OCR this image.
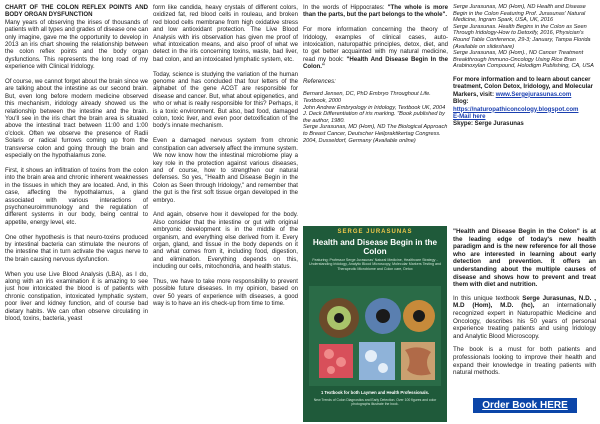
CHART OF THE COLON REFLEX POINTS AND BODY ORGAN DYSFUNCTION

Many years of observing the irises of thousands of patients with all types and grades of disease one can only imagine, gave me the opportunity to develop in 2013 an iris chart showing the relationship between the colon reflex points and the body organ dysfunctions. This represents the long road of my experience with Clinical Iridology.

Of course, we cannot forget about the brain since we are talking about the intestine as our second brain. But, even long before modern medicine observed this mechanism, iridology already showed us the relationship between the intestine and the brain. You'll see in the iris chart the brain area is situated above the intestinal tract between 11:00 and 1:00 o'clock. Often we observe the presence of Radii Solaris or radical furrows coming up from the transverse colon and going through the brain and especially on the hypothalamus zone.

First, it shows an infiltration of toxins from the colon into the brain area and chronic inherent weaknesses in the tissues in which they are located. And, in this case, affecting the hypothalamus, a gland associated with various interactions of psychoneuroimmunology and the regulation of different systems in our body, being central to appetite, energy level, etc.

One other hypothesis is that neuro-toxins produced by intestinal bacteria can stimulate the neurons of the intestine that in turn activate the vagus nerve to the brain causing nervous dysfunction.

When you use Live Blood Analysis (LBA), as I do, along with an iris examination it is amazing to see just how intoxicated the blood is of patients with chronic constipation, intoxicated lymphatic system, poor liver and kidney function, and of course bad dietary habits. We can often observe circulating in blood, toxins, bacteria, yeast

form like candida, heavy crystals of different colors, oxidized fat, red blood cells in rouleau, and broken red blood cells membrane from high oxidative stress and low antioxidant protection. The Live Blood Analysis with iris observation has given me proof of what intoxication means, and also proof of what we detect in the iris concerning toxins, waste, bad liver, bad colon, and an intoxicated lymphatic system, etc.

Today, science is studying the variation of the human genome and has concluded that four letters of the alphabet of the gene ACGT are responsible for disease and cancer. But, what about epigenetics, and who or what is really responsible for this? Perhaps, it is a toxic environment. But also, bad food, damaged colon, toxic liver, and even poor detoxification of the body's innate mechanism.

Even a damaged nervous system from chronic constipation can adversely affect the immune system. We now know how the intestinal microbiome play a key role in the protection against various diseases, and of course, how to strengthen our natural defenses. So yes, "Health and Disease Begin in the Colon as Seen through Iridology," and remember that the gut is the first soft tissue organ developed in the embryo.

And again, observe how it developed for the body. Also consider that the intestine or gut with original embryonic development is in the middle of the organism, and everything else derived from it. Every organ, gland, and tissue in the body depends on it and what comes from it, including food, digestion, and elimination. Everything depends on this, including our cells, mitochondria, and health status.

Thus, we have to take more responsibility to prevent possible future diseases. In my opinion, based on over 50 years of experience with diseases, a good way is to have an iris check-up from time to time.

In the words of Hippocrates: "The whole is more than the parts, but the part belongs to the whole".

For more information concerning the theory of Iridology, examples of clinical cases, auto-intoxication, naturopathic principles, detox, diet, and to get better acquainted with my natural medicine, read my book: "Health And Disease Begin In the Colon."

References:

Bernard Jensen, DC, PhD Embryo Throughout Life. Textbook, 2000

John Andrew Embryology in Iridology, Textbook UK, 2004

J. Deck Differentiation of iris marking. "Book published by the author, 1980.

Serge Jurasunas, MD (Hom), ND The Biological Approach to Breast Cancer, Deutscher Heilpraktikertag Congress. 2004, Dusseldorf, Germany (Available online)

Serge Jurasunas, MD (Hom), ND Health and Disease Begin in the Colon Featuring Prof. Jurasunas' Natural Medicine, Ingram Spark, USA, UK, 2016

Serge Jurasunas. Health Begins in the Colon as Seen Through Iridology-How to Detoxify, 2016, Physician's Round Table Conference, 29-3; January, Tampa Florida (Available on slideshare)

Serge Jurasunas, MD (Hom)., ND Cancer Treatment Breakthrough Immuno-Oncology Using Rice Bran Arabinoxylan Compound, Holodigm Publishing, CA, USA

For more information and to learn about cancer treatment, Colon Detox, Iridology, and Molecular Markers, visit: www.Sergejurasunas.com

Blog:

https://naturopathiconcology.blogspot.com

E-Mail here

Skype: Serge Jurasunas

SERGE JURASUNAS
Health and Disease Begin in the Colon
Featuring: Professor Serge Jurasunas' Natural Medicine, Healthcare Strategy - Understanding Iridology, Analytic Blood Microscopy, Molecular Markers Testing and Therapeutic Microbiome and Colon care, Detox
1 Textbook for both Laymen and Health Professionals.
New Trends of Colon Diagnostics and Early Detection. Over 100 figures and color photographs illustrate the book.

"Health and Disease Begin in the Colon" is at the leading edge of today's new health paradigm and is the new reference for all those who are interested in learning about early detection and prevention. It offers an understanding about the multiple causes of disease and shows how to prevent and treat them with diet and nutrition.

In this unique textbook Serge Jurasunas, N.D. , M.D (Hom), M.D. (hc), an internationally recognized expert in Naturopathic Medicine and Oncology, describes his 50 years of personal experience treating patients and using Iridology and Analytic Blood Microscopy.

The book is a must for both patients and professionals looking to improve their health and expand their knowledge in treating patients with natural methods.

Order Book HERE
